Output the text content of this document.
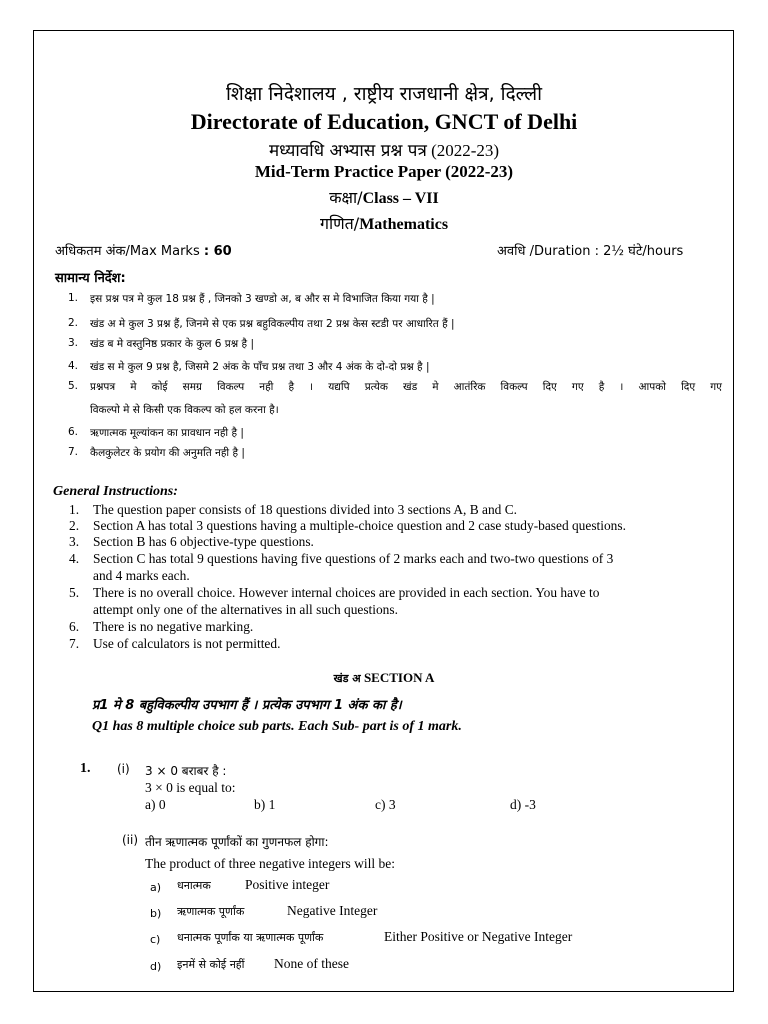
शिक्षा निदेशालय , राष्ट्रीय राजधानी क्षेत्र, दिल्ली
Directorate of Education, GNCT of Delhi
मध्यावधि अभ्यास प्रश्न पत्र (2022-23)
Mid-Term Practice Paper (2022-23)
कक्षा/Class – VII
गणित/Mathematics
अधिकतम अंक/Max Marks : 60	अवधि /Duration : 2½ घंटे/hours
सामान्य निर्देश:
1. इस प्रश्न पत्र मे कुल 18 प्रश्न हैं , जिनको 3 खण्डो अ, ब और स मे विभाजित किया गया है |
2. खंड अ मे कुल 3 प्रश्न हैं, जिनमे से एक प्रश्न बहुविकल्पीय तथा 2 प्रश्न केस स्टडी पर आधारित हैं |
3. खंड ब मे वस्तुनिष्ठ प्रकार के कुल 6 प्रश्न है |
4. खंड स मे कुल 9 प्रश्न है, जिसमे 2 अंक के पाँच प्रश्न तथा 3 और 4 अंक के दो-दो प्रश्न है |
5. प्रश्नपत्र मे कोई समग्र विकल्प नही है । यद्यपि प्रत्येक खंड मे आतंरिक विकल्प दिए गए है । आपको दिए गए
विकल्पो मे से किसी एक विकल्प को हल करना है।
6. ऋणात्मक मूल्यांकन का प्रावधान नही है |
7. कैलकुलेटर के प्रयोग की अनुमति नही है |
General Instructions:
1. The question paper consists of 18 questions divided into 3 sections A, B and C.
2. Section A has total 3 questions having a multiple-choice question and 2 case study-based questions.
3. Section B has 6 objective-type questions.
4. Section C has total 9 questions having five questions of 2 marks each and two-two questions of 3
and 4 marks each.
5. There is no overall choice. However internal choices are provided in each section. You have to
attempt only one of the alternatives in all such questions.
6. There is no negative marking.
7. Use of calculators is not permitted.
खंड अ SECTION A
प्र1 मे 8 बहुविकल्पीय उपभाग हैं । प्रत्येक उपभाग 1 अंक का है।
Q1 has 8 multiple choice sub parts. Each Sub- part is of 1 mark.
1. (i) 3 × 0 बराबर है :
3 × 0 is equal to:
a) 0	b) 1	c) 3	d) -3
(ii) तीन ऋणात्मक पूर्णांकों का गुणनफल होगा:
The product of three negative integers will be:
a) धनात्मक	Positive integer
b) ऋणात्मक पूर्णांक	Negative Integer
c) धनात्मक पूर्णांक या ऋणात्मक पूर्णांक	Either Positive or Negative Integer
d) इनमें से कोई नहीं None of these
